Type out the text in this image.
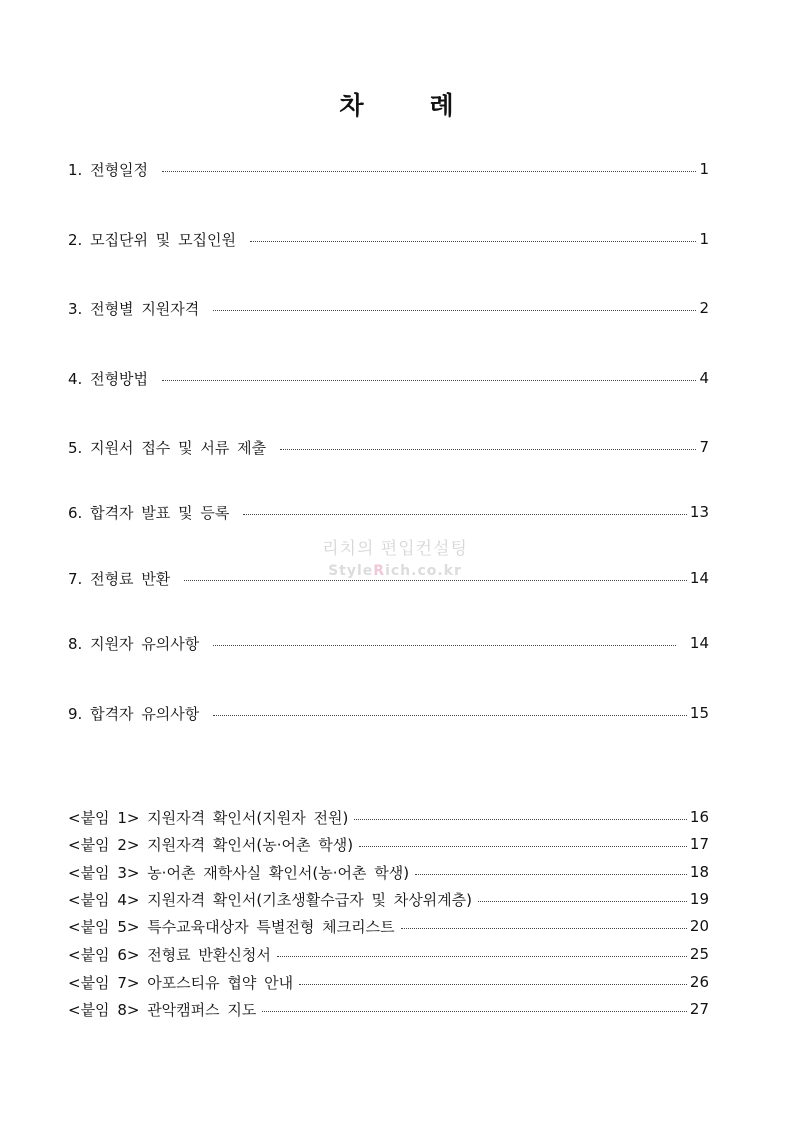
차	례
1. 전형일정	1
2. 모집단위 및 모집인원	1
3. 전형별 지원자격	2
4. 전형방법	4
5. 지원서 접수 및 서류 제출	7
6. 합격자 발표 및 등록	13
7. 전형료 반환	14
8. 지원자 유의사항	14
9. 합격자 유의사항	15
<붙임 1> 지원자격 확인서(지원자 전원)	16
<붙임 2> 지원자격 확인서(농·어촌 학생)	17
<붙임 3> 농·어촌 재학사실 확인서(농·어촌 학생)	18
<붙임 4> 지원자격 확인서(기초생활수급자 및 차상위계층)	19
<붙임 5> 특수교육대상자 특별전형 체크리스트	20
<붙임 6> 전형료 반환신청서	25
<붙임 7> 아포스티유 협약 안내	26
<붙임 8> 관악캠퍼스 지도	27
리치의 편입컨설팅
StyleRich.co.kr
